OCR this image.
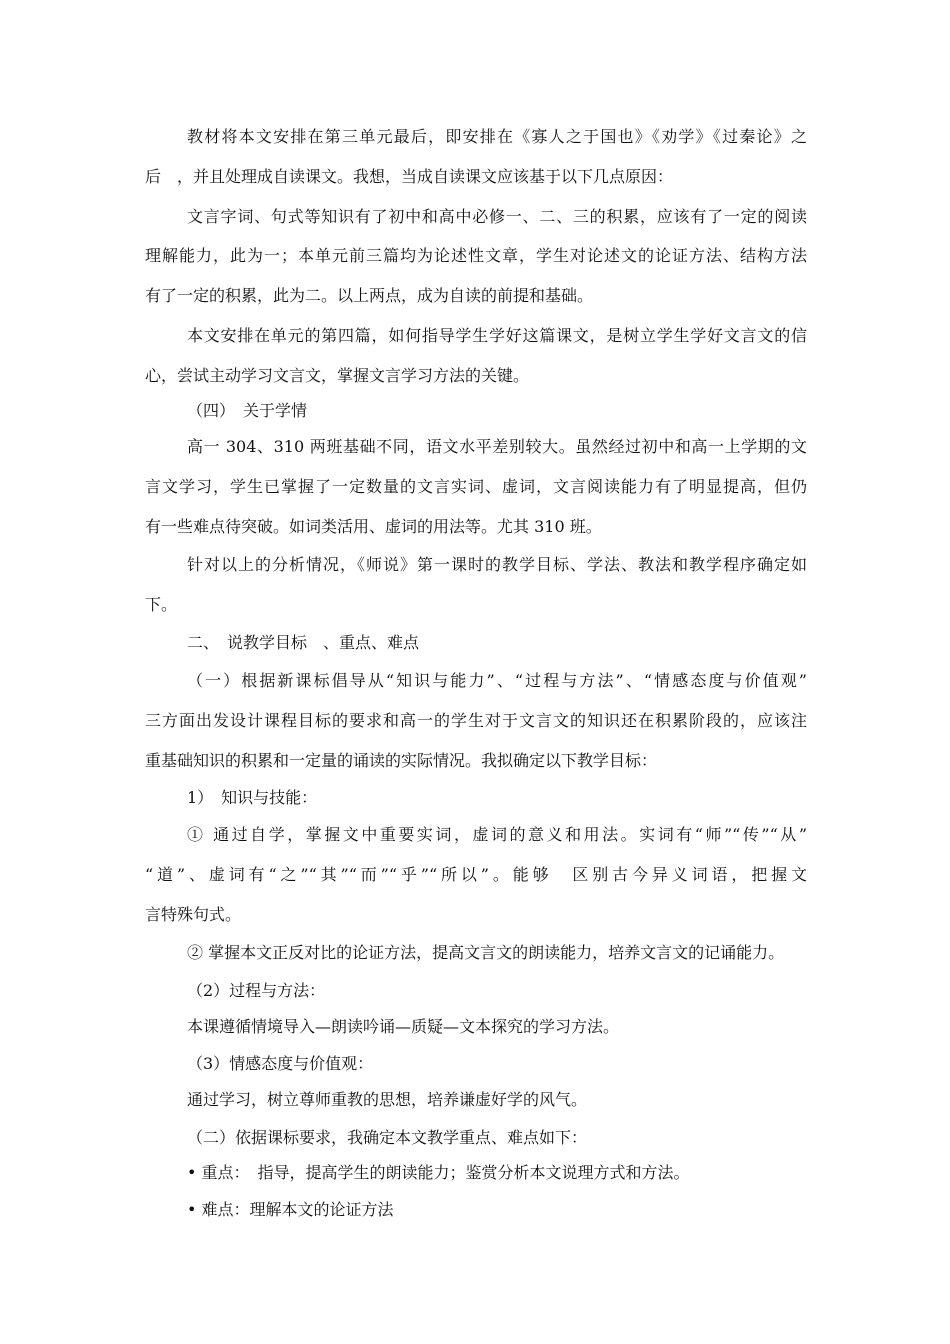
教材将本文安排在第三单元最后，即安排在《寡人之于国也》《劝学》《过秦论》之
后　，并且处理成自读课文。我想，当成自读课文应该基于以下几点原因：
文言字词、句式等知识有了初中和高中必修一、二、三的积累，应该有了一定的阅读
理解能力，此为一；本单元前三篇均为论述性文章，学生对论述文的论证方法、结构方法
有了一定的积累，此为二。以上两点，成为自读的前提和基础。
本文安排在单元的第四篇，如何指导学生学好这篇课文，是树立学生学好文言文的信
心，尝试主动学习文言文，掌握文言学习方法的关键。
（四）　关于学情
高一 304、310 两班基础不同，语文水平差别较大。虽然经过初中和高一上学期的文
言文学习，学生已掌握了一定数量的文言实词、虚词，文言阅读能力有了明显提高，但仍
有一些难点待突破。如词类活用、虚词的用法等。尤其 310 班。
针对以上的分析情况，《师说》第一课时的教学目标、学法、教法和教学程序确定如
下。
二、　说教学目标　、重点、难点
（一）根据新课标倡导从“知识与能力”、“过程与方法”、“情感态度与价值观”
三方面出发设计课程目标的要求和高一的学生对于文言文的知识还在积累阶段的，应该注
重基础知识的积累和一定量的诵读的实际情况。我拟确定以下教学目标：
1）　知识与技能：
① 通过自学，掌握文中重要实词，虚词的意义和用法。实词有“师”“传”“从”
“道”、虚词有“之”“其”“而”“乎”“所以”。能够　区别古今异义词语，把握文
言特殊句式。
② 掌握本文正反对比的论证方法，提高文言文的朗读能力，培养文言文的记诵能力。
（2）过程与方法：
本课遵循情境导入—朗读吟诵—质疑—文本探究的学习方法。
（3）情感态度与价值观：
通过学习，树立尊师重教的思想，培养谦虚好学的风气。
（二）依据课标要求，我确定本文教学重点、难点如下：
• 重点：　指导，提高学生的朗读能力；鉴赏分析本文说理方式和方法。
• 难点：理解本文的论证方法
